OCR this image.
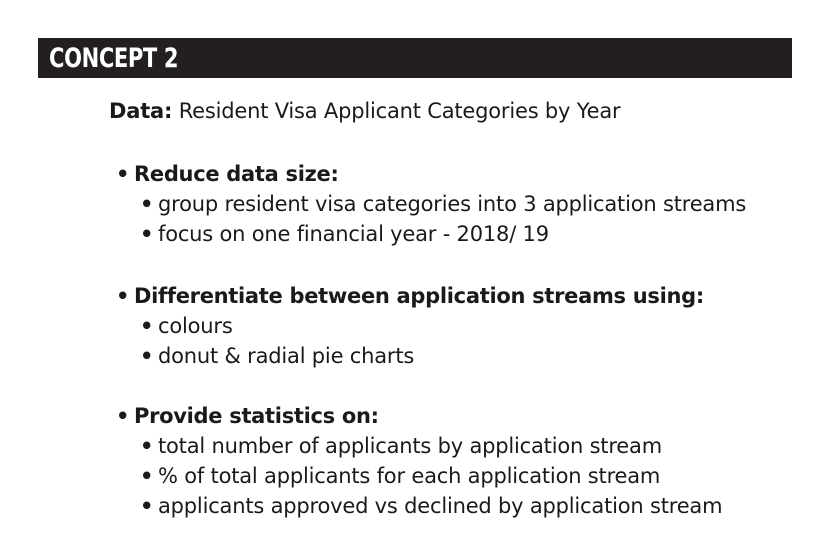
CONCEPT 2
Data: Resident Visa Applicant Categories by Year
• Reduce data size:
• group resident visa categories into 3 application streams
• focus on one financial year - 2018/ 19
• Differentiate between application streams using:
• colours
• donut & radial pie charts
• Provide statistics on:
• total number of applicants by application stream
• % of total applicants for each application stream
• applicants approved vs declined by application stream
